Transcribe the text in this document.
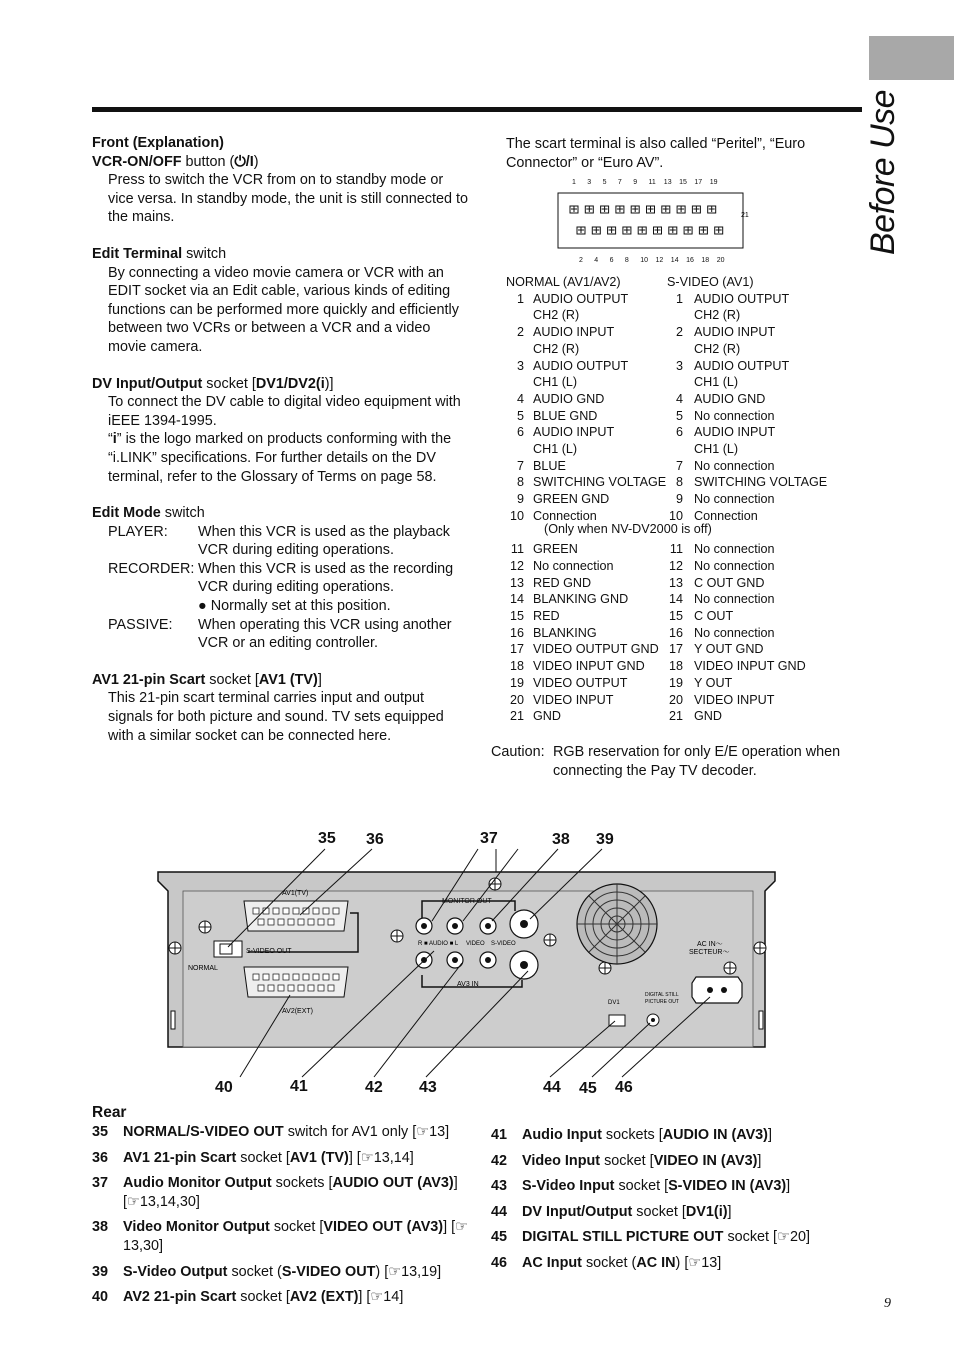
Before Use
Front (Explanation)
VCR-ON/OFF button (⏻/I)
Press to switch the VCR from on to standby mode or vice versa. In standby mode, the unit is still connected to the mains.
Edit Terminal switch
By connecting a video movie camera or VCR with an EDIT socket via an Edit cable, various kinds of editing functions can be performed more quickly and efficiently between two VCRs or between a VCR and a video movie camera.
DV Input/Output socket [DV1/DV2(i)]
To connect the DV cable to digital video equipment with iEEE 1394-1995.
“i” is the logo marked on products conforming with the “i.LINK” specifications. For further details on the DV terminal, refer to the Glossary of Terms on page 58.
Edit Mode switch
PLAYER:	When this VCR is used as the playback VCR during editing operations.
RECORDER: When this VCR is used as the recording VCR during editing operations.
● Normally set at this position.
PASSIVE:	When operating this VCR using another VCR or an editing controller.
AV1 21-pin Scart socket [AV1 (TV)]
This 21-pin scart terminal carries input and output signals for both picture and sound. TV sets equipped with a similar socket can be connected here.
The scart terminal is also called “Peritel”, “Euro Connector” or “Euro AV”.
1 3 5 7 9 11 13 15 17 19
21
2 4 6 8 10 12 14 16 18 20
NORMAL (AV1/AV2)	S-VIDEO (AV1)
1 AUDIO OUTPUT	1 AUDIO OUTPUT
CH2 (R)	CH2 (R)
2 AUDIO INPUT	2 AUDIO INPUT
CH2 (R)	CH2 (R)
3 AUDIO OUTPUT	3 AUDIO OUTPUT
CH1 (L)	CH1 (L)
4 AUDIO GND	4 AUDIO GND
5 BLUE GND	5 No connection
6 AUDIO INPUT	6 AUDIO INPUT
CH1 (L)	CH1 (L)
7 BLUE	7 No connection
8 SWITCHING VOLTAGE 8 SWITCHING VOLTAGE
9 GREEN GND	9 No connection
10 Connection	10 Connection
(Only when NV-DV2000 is off)
11 GREEN	11 No connection
12 No connection	12 No connection
13 RED GND	13 C OUT GND
14 BLANKING GND	14 No connection
15 RED	15 C OUT
16 BLANKING	16 No connection
17 VIDEO OUTPUT GND 17 Y OUT GND
18 VIDEO INPUT GND	18 VIDEO INPUT GND
19 VIDEO OUTPUT	19 Y OUT
20 VIDEO INPUT	20 VIDEO INPUT
21 GND	21 GND
Caution: RGB reservation for only E/E operation when connecting the Pay TV decoder.
AV1(TV)
AV2(EXT)
S-VIDEO OUT
NORMAL
MONITOR OUT
R ■ AUDIO ■ L VIDEO S-VIDEO
AV3 IN
AC IN～
SECTEUR～
DV1
DIGITAL STILL
PICTURE OUT
35 36	37	38 39
40	41	42 43	44 45 46
Rear
35	NORMAL/S-VIDEO OUT switch for AV1 only [☞13]
36	AV1 21-pin Scart socket [AV1 (TV)] [☞13,14]
37	Audio Monitor Output sockets [AUDIO OUT (AV3)] [☞13,14,30]
38	Video Monitor Output socket [VIDEO OUT (AV3)] [☞13,30]
39	S-Video Output socket (S-VIDEO OUT) [☞13,19]
40	AV2 21-pin Scart socket [AV2 (EXT)] [☞14]
41	Audio Input sockets [AUDIO IN (AV3)]
42	Video Input socket [VIDEO IN (AV3)]
43	S-Video Input socket [S-VIDEO IN (AV3)]
44	DV Input/Output socket [DV1(i)]
45	DIGITAL STILL PICTURE OUT socket [☞20]
46	AC Input socket (AC IN) [☞13]
9
